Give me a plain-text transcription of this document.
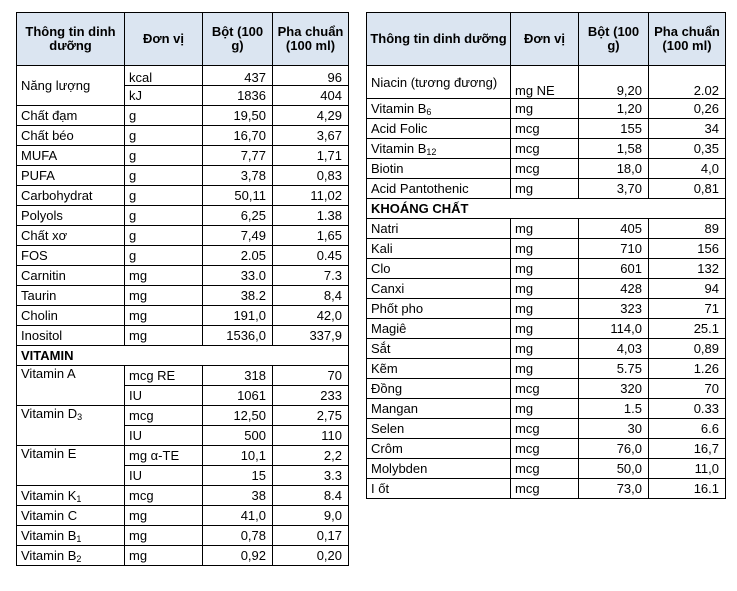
Thông tin dinh dưỡng	Đơn vị	Bột (100 g)	Pha chuẩn (100 ml)
Năng lượng	kcal	437	96
	kJ	1836	404
Chất đạm	g	19,50	4,29
Chất béo	g	16,70	3,67
MUFA	g	7,77	1,71
PUFA	g	3,78	0,83
Carbohydrat	g	50,11	11,02
Polyols	g	6,25	1.38
Chất xơ	g	7,49	1,65
FOS	g	2.05	0.45
Carnitin	mg	33.0	7.3
Taurin	mg	38.2	8,4
Cholin	mg	191,0	42,0
Inositol	mg	1536,0	337,9
VITAMIN			
Vitamin A	mcg RE	318	70
	IU	1061	233
Vitamin $D_3$	mcg	12,50	2,75
	IU	500	110
Vitamin E	mg α-TE	10,1	2,2
	IU	15	3.3
Vitamin $K_1$	mcg	38	8.4
Vitamin C	mg	41,0	9,0
Vitamin $B_1$	mg	0,78	0,17
Vitamin $B_2$	mg	0,92	0,20
Thông tin dinh dưỡng	Đơn vị	Bột (100 g)	Pha chuẩn (100 ml)
Niacin (tương đương)	mg NE	9,20	2.02
Vitamin $B_6$	mg	1,20	0,26
Acid Folic	mcg	155	34
Vitamin $B_{12}$	mcg	1,58	0,35
Biotin	mcg	18,0	4,0
Acid Pantothenic	mg	3,70	0,81
KHOÁNG CHẤT			
Natri	mg	405	89
Kali	mg	710	156
Clo	mg	601	132
Canxi	mg	428	94
Phốt pho	mg	323	71
Magiê	mg	114,0	25.1
Sắt	mg	4,03	0,89
Kẽm	mg	5.75	1.26
Đồng	mcg	320	70
Mangan	mg	1.5	0.33
Selen	mcg	30	6.6
Crôm	mcg	76,0	16,7
Molybden	mcg	50,0	11,0
I ốt	mcg	73,0	16.1
